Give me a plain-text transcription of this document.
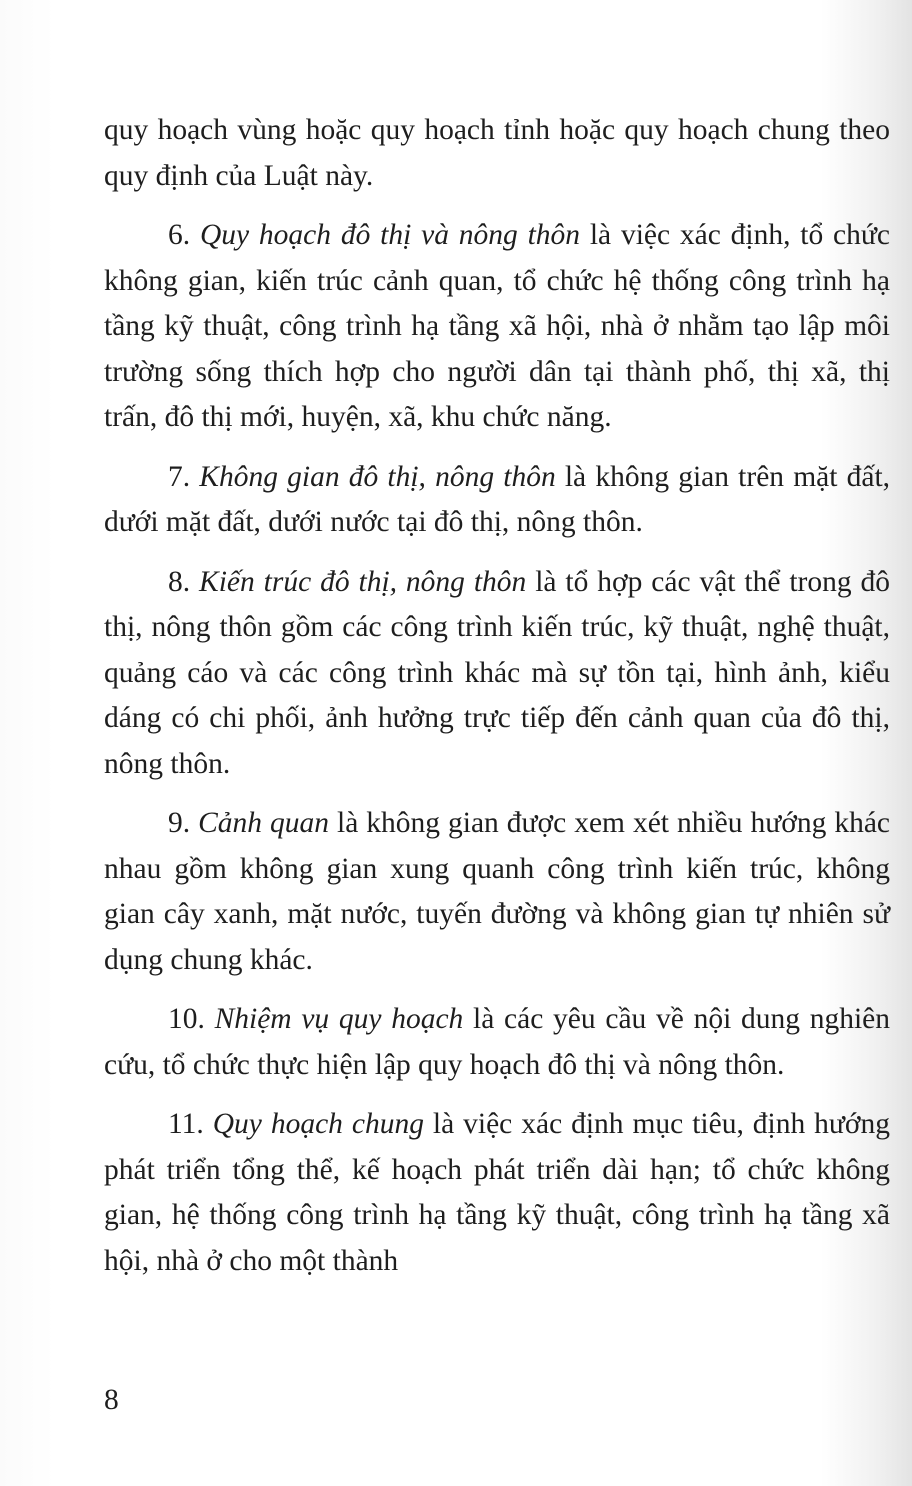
quy hoạch vùng hoặc quy hoạch tỉnh hoặc quy hoạch chung theo quy định của Luật này.

6. Quy hoạch đô thị và nông thôn là việc xác định, tổ chức không gian, kiến trúc cảnh quan, tổ chức hệ thống công trình hạ tầng kỹ thuật, công trình hạ tầng xã hội, nhà ở nhằm tạo lập môi trường sống thích hợp cho người dân tại thành phố, thị xã, thị trấn, đô thị mới, huyện, xã, khu chức năng.

7. Không gian đô thị, nông thôn là không gian trên mặt đất, dưới mặt đất, dưới nước tại đô thị, nông thôn.

8. Kiến trúc đô thị, nông thôn là tổ hợp các vật thể trong đô thị, nông thôn gồm các công trình kiến trúc, kỹ thuật, nghệ thuật, quảng cáo và các công trình khác mà sự tồn tại, hình ảnh, kiểu dáng có chi phối, ảnh hưởng trực tiếp đến cảnh quan của đô thị, nông thôn.

9. Cảnh quan là không gian được xem xét nhiều hướng khác nhau gồm không gian xung quanh công trình kiến trúc, không gian cây xanh, mặt nước, tuyến đường và không gian tự nhiên sử dụng chung khác.

10. Nhiệm vụ quy hoạch là các yêu cầu về nội dung nghiên cứu, tổ chức thực hiện lập quy hoạch đô thị và nông thôn.

11. Quy hoạch chung là việc xác định mục tiêu, định hướng phát triển tổng thể, kế hoạch phát triển dài hạn; tổ chức không gian, hệ thống công trình hạ tầng kỹ thuật, công trình hạ tầng xã hội, nhà ở cho một thành

8
